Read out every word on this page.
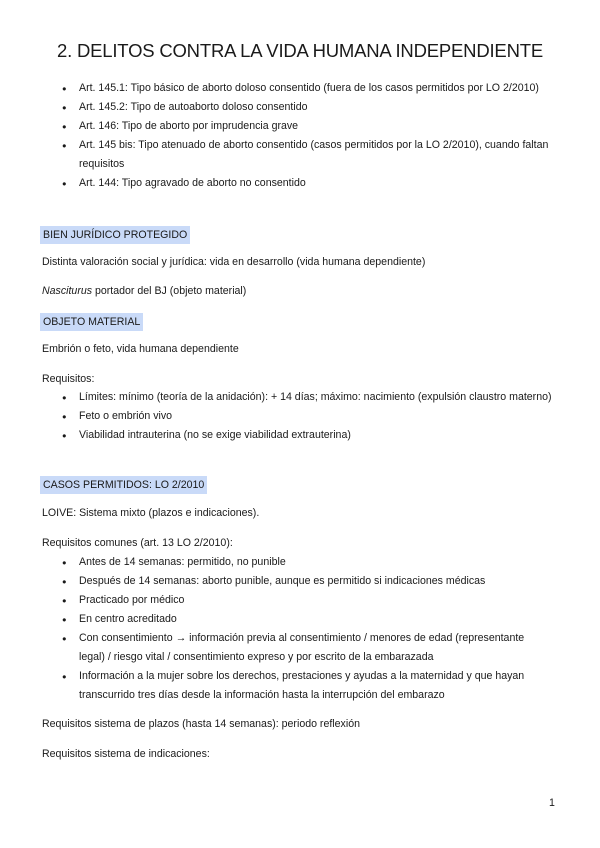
2. DELITOS CONTRA LA VIDA HUMANA INDEPENDIENTE
● Art. 145.1: Tipo básico de aborto doloso consentido (fuera de los casos permitidos por LO 2/2010)
● Art. 145.2: Tipo de autoaborto doloso consentido
● Art. 146: Tipo de aborto por imprudencia grave
● Art. 145 bis: Tipo atenuado de aborto consentido (casos permitidos por la LO 2/2010), cuando faltan requisitos
● Art. 144: Tipo agravado de aborto no consentido
BIEN JURÍDICO PROTEGIDO
Distinta valoración social y jurídica: vida en desarrollo (vida humana dependiente)
Nasciturus portador del BJ (objeto material)
OBJETO MATERIAL
Embrión o feto, vida humana dependiente
Requisitos:
● Límites: mínimo (teoría de la anidación): + 14 días; máximo: nacimiento (expulsión claustro materno)
● Feto o embrión vivo
● Viabilidad intrauterina (no se exige viabilidad extrauterina)
CASOS PERMITIDOS: LO 2/2010
LOIVE: Sistema mixto (plazos e indicaciones).
Requisitos comunes (art. 13 LO 2/2010):
● Antes de 14 semanas: permitido, no punible
● Después de 14 semanas: aborto punible, aunque es permitido si indicaciones médicas
● Practicado por médico
● En centro acreditado
● Con consentimiento → información previa al consentimiento / menores de edad (representante legal) / riesgo vital / consentimiento expreso y por escrito de la embarazada
● Información a la mujer sobre los derechos, prestaciones y ayudas a la maternidad y que hayan transcurrido tres días desde la información hasta la interrupción del embarazo
Requisitos sistema de plazos (hasta 14 semanas): periodo reflexión
Requisitos sistema de indicaciones:
1
